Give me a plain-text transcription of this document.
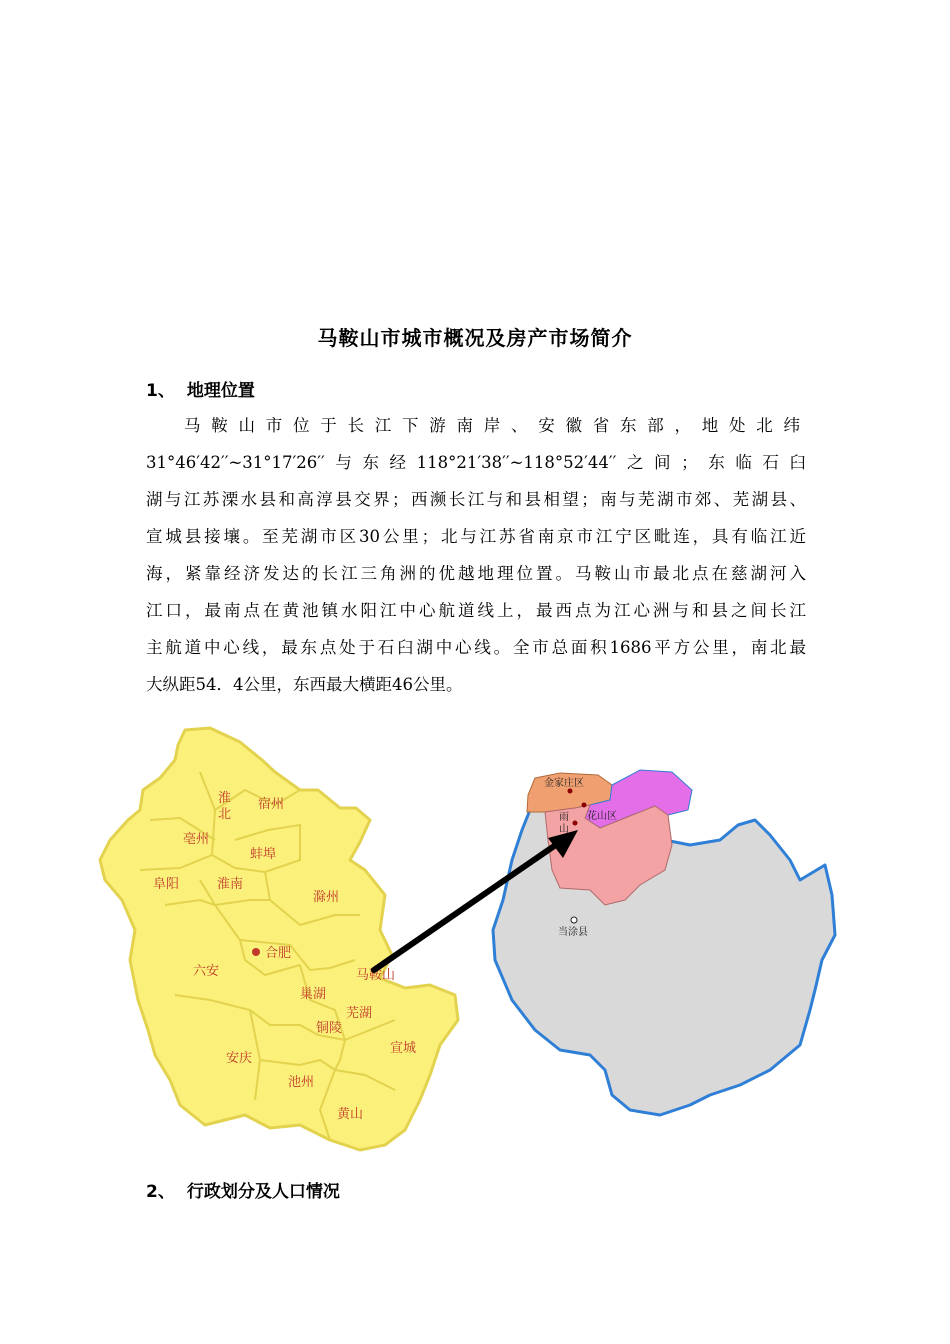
马鞍山市城市概况及房产市场简介
1、 地理位置
马鞍山市位于长江下游南岸、安徽省东部，地处北纬
31°46′42′′~31°17′26′′与东经118°21′38′′~118°52′44′′之间；东临石臼
湖与江苏溧水县和高淳县交界；西濒长江与和县相望；南与芜湖市郊、芜湖县、
宣城县接壤。至芜湖市区30公里；北与江苏省南京市江宁区毗连，具有临江近
海，紧靠经济发达的长江三角洲的优越地理位置。马鞍山市最北点在慈湖河入
江口，最南点在黄池镇水阳江中心航道线上，最西点为江心洲与和县之间长江
主航道中心线，最东点处于石臼湖中心线。全市总面积1686平方公里，南北最
大纵距54．4公里，东西最大横距46公里。
淮
北
宿州
亳州
蚌埠
阜阳	淮南
滁州
合肥
六安	马鞍山
巢湖
芜湖
铜陵
安庆
宣城
池州
黄山
金家庄区
花山区
雨
山
当涂县
2、 行政划分及人口情况
